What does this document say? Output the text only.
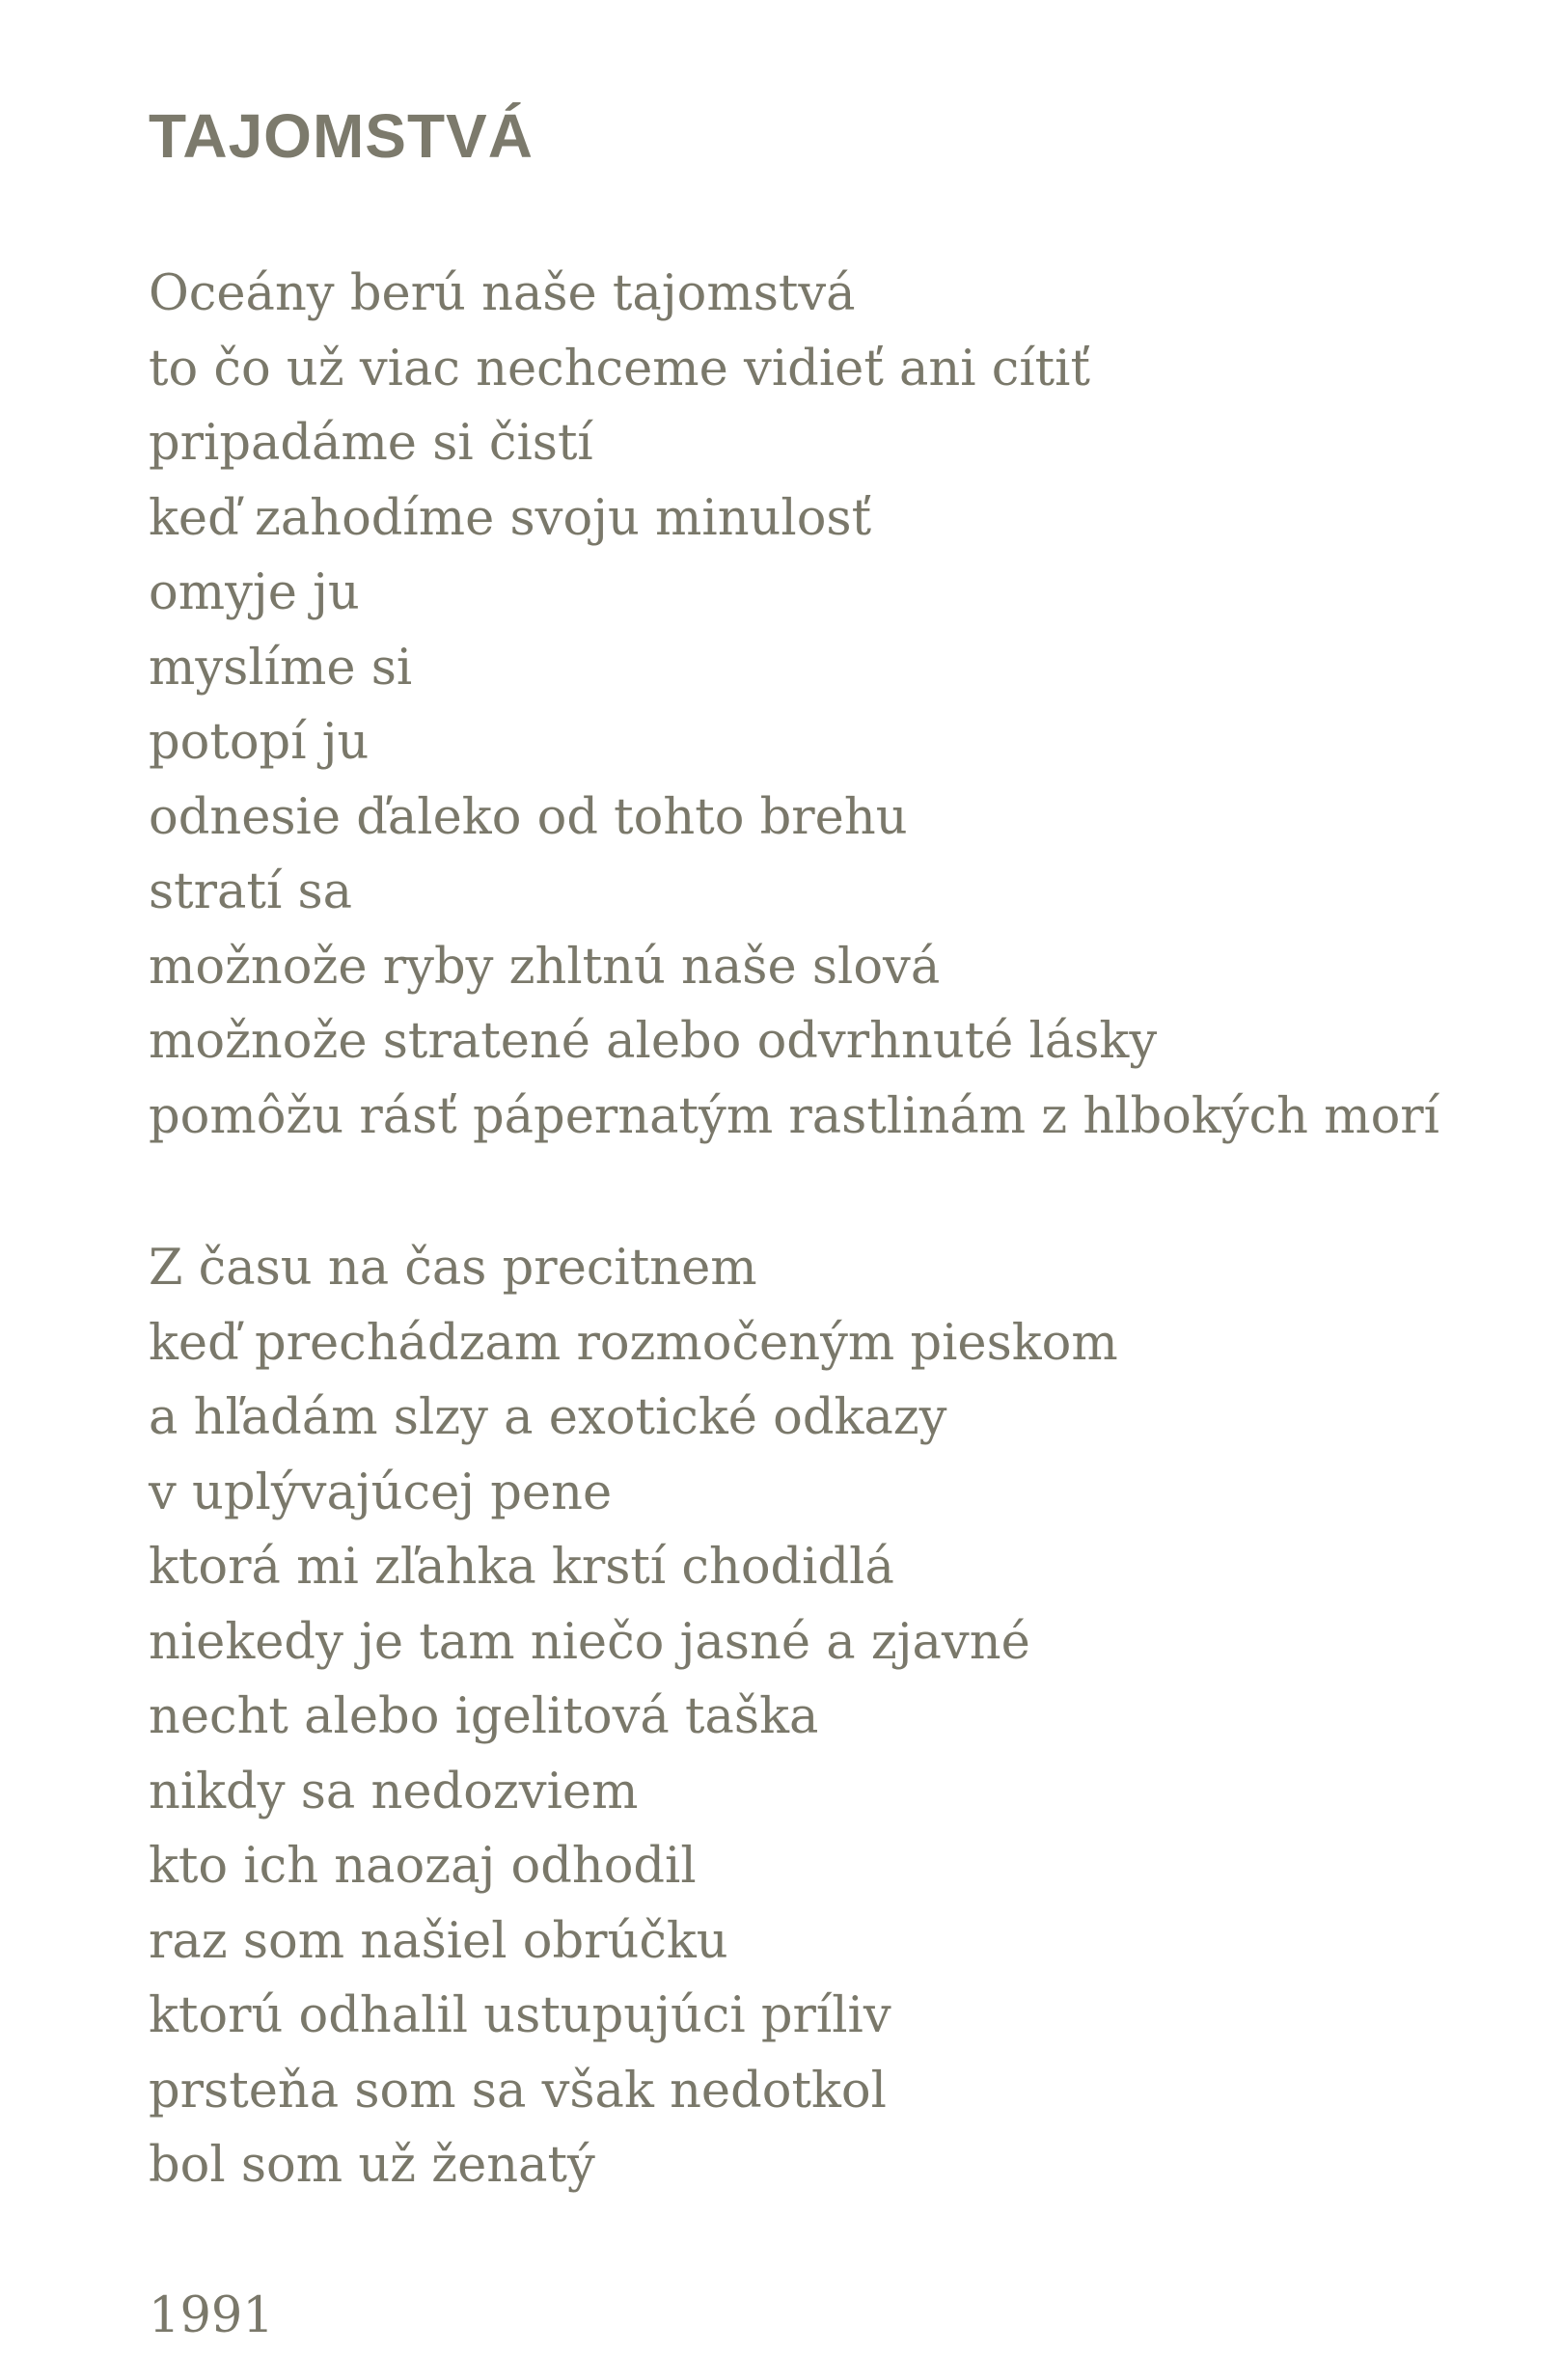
TAJOMSTVÁ
Oceány berú naše tajomstvá
to čo už viac nechceme vidieť ani cítiť
pripadáme si čistí
keď zahodíme svoju minulosť
omyje ju
myslíme si
potopí ju
odnesie ďaleko od tohto brehu
stratí sa
možnože ryby zhltnú naše slová
možnože stratené alebo odvrhnuté lásky
pomôžu rásť pápernatým rastlinám z hlbokých morí
Z času na čas precitnem
keď prechádzam rozmočeným pieskom
a hľadám slzy a exotické odkazy
v uplývajúcej pene
ktorá mi zľahka krstí chodidlá
niekedy je tam niečo jasné a zjavné
necht alebo igelitová taška
nikdy sa nedozviem
kto ich naozaj odhodil
raz som našiel obrúčku
ktorú odhalil ustupujúci príliv
prsteňa som sa však nedotkol
bol som už ženatý

1991
